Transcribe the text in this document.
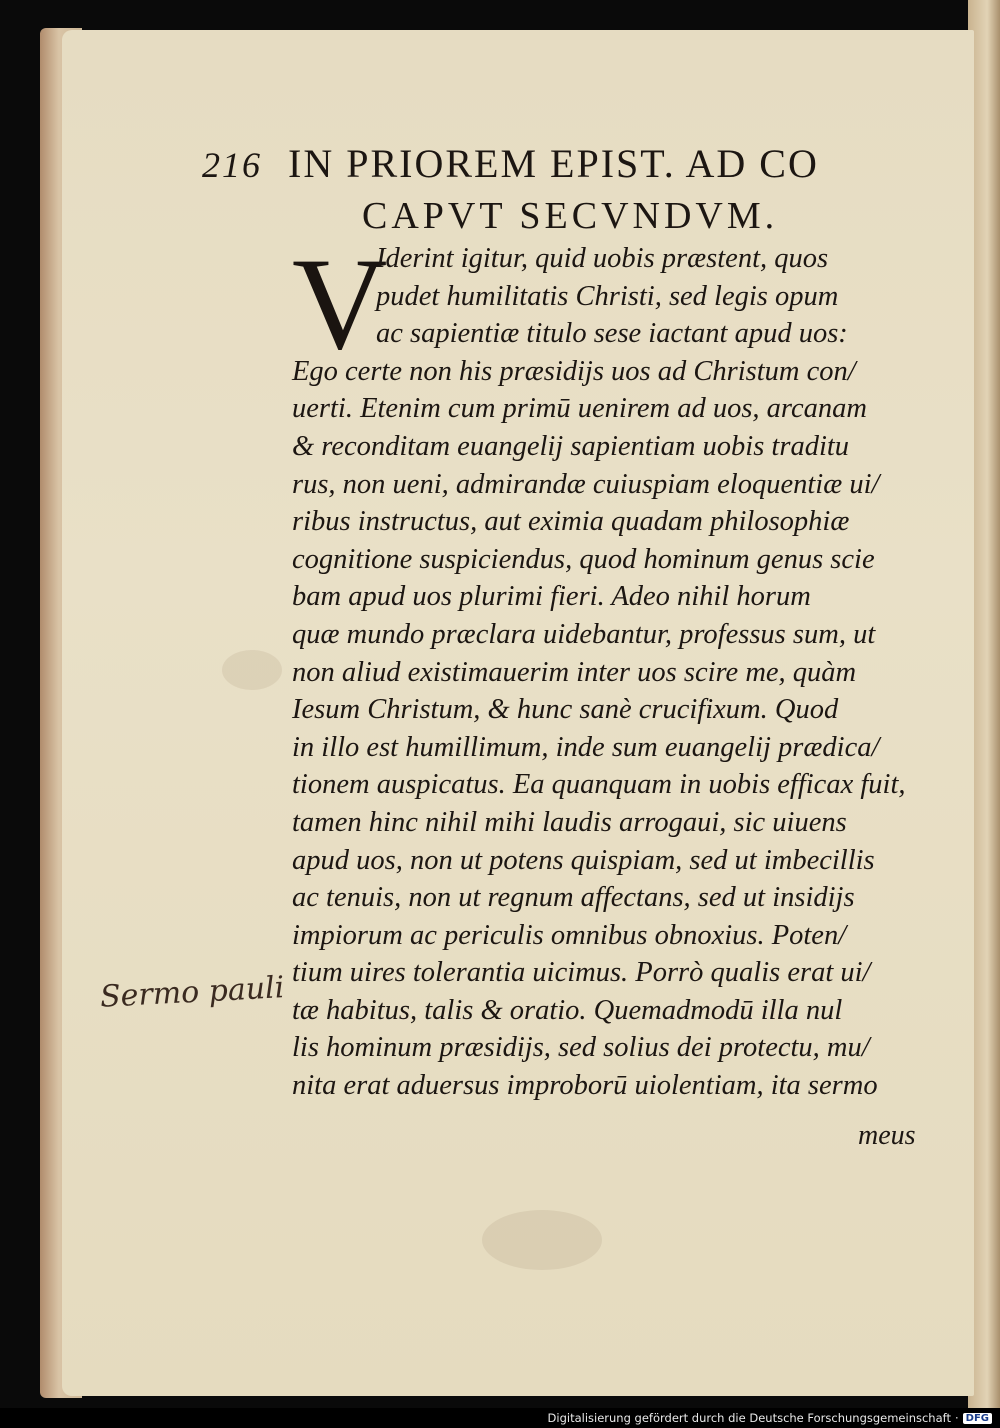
216 IN PRIOREM EPIST. AD CO
CAPVT SECVNDVM.
V
Iderint igitur, quid uobis præstent, quos
pudet humilitatis Christi, sed legis opum
ac sapientiæ titulo sese iactant apud uos:
Ego certe non his præsidijs uos ad Christum con/
uerti. Etenim cum primū uenirem ad uos, arcanam
& reconditam euangelij sapientiam uobis traditu
rus, non ueni, admirandæ cuiuspiam eloquentiæ ui/
ribus instructus, aut eximia quadam philosophiæ
cognitione suspiciendus, quod hominum genus scie
bam apud uos plurimi fieri. Adeo nihil horum
quæ mundo præclara uidebantur, professus sum, ut
non aliud existimauerim inter uos scire me, quàm
Iesum Christum, & hunc sanè crucifixum. Quod
in illo est humillimum, inde sum euangelij prædica/
tionem auspicatus. Ea quanquam in uobis efficax fuit,
tamen hinc nihil mihi laudis arrogaui, sic uiuens
apud uos, non ut potens quispiam, sed ut imbecillis
ac tenuis, non ut regnum affectans, sed ut insidijs
impiorum ac periculis omnibus obnoxius. Poten/
tium uires tolerantia uicimus. Porrò qualis erat ui/
tæ habitus, talis & oratio. Quemadmodū illa nul
lis hominum præsidijs, sed solius dei protectu, mu/
nita erat aduersus improborū uiolentiam, ita sermo
meus
Sermo pauli
Digitalisierung gefördert durch die Deutsche Forschungsgemeinschaft · DFG
